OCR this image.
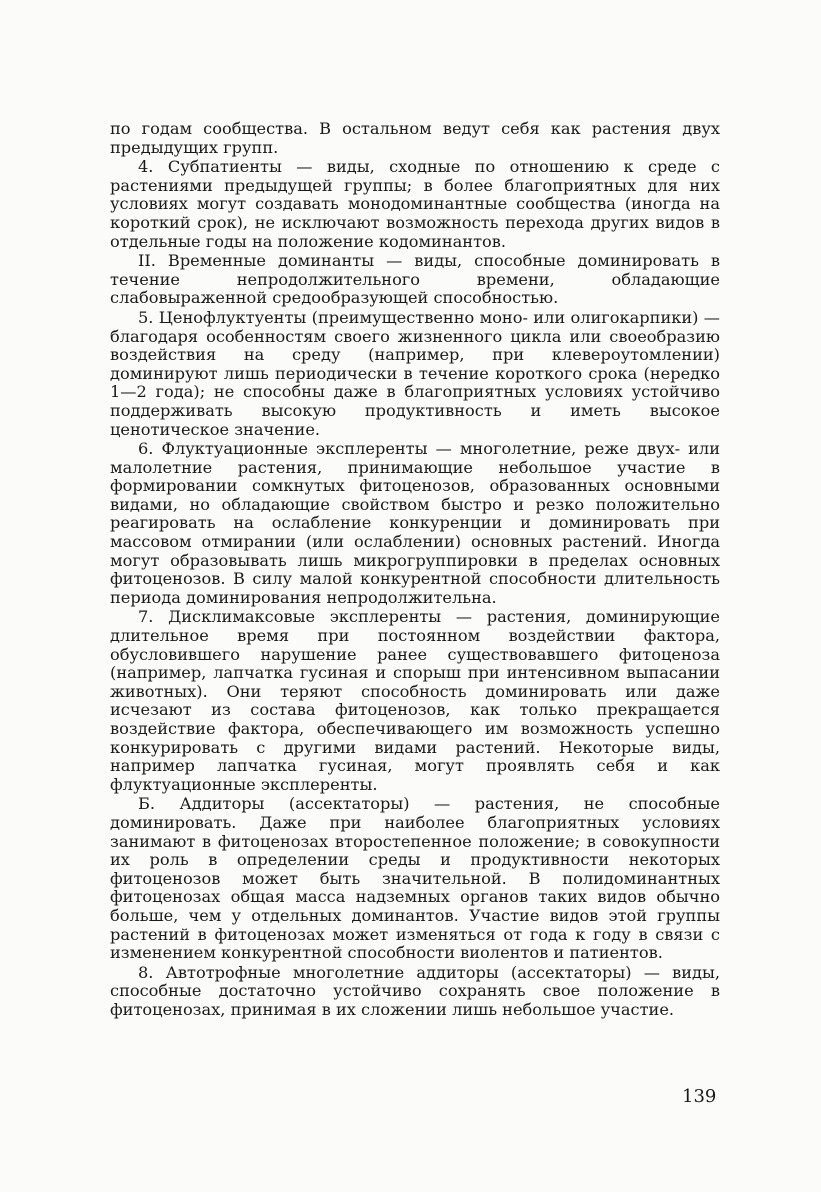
по годам сообщества. В остальном ведут себя как растения двух предыдущих групп.

4. Субпатиенты — виды, сходные по отношению к среде с растениями предыдущей группы; в более благоприятных для них условиях могут создавать монодоминантные сообщества (иногда на короткий срок), не исключают возможность перехода других видов в отдельные годы на положение кодоминантов.

II. Временные доминанты — виды, способные доминировать в течение непродолжительного времени, обладающие слабовыраженной средообразующей способностью.

5. Ценофлуктуенты (преимущественно моно- или олигокарпики) — благодаря особенностям своего жизненного цикла или своеобразию воздействия на среду (например, при клевероутомлении) доминируют лишь периодически в течение короткого срока (нередко 1—2 года); не способны даже в благоприятных условиях устойчиво поддерживать высокую продуктивность и иметь высокое ценотическое значение.

6. Флуктуационные эксплеренты — многолетние, реже двух- или малолетние растения, принимающие небольшое участие в формировании сомкнутых фитоценозов, образованных основными видами, но обладающие свойством быстро и резко положительно реагировать на ослабление конкуренции и доминировать при массовом отмирании (или ослаблении) основных растений. Иногда могут образовывать лишь микрогруппировки в пределах основных фитоценозов. В силу малой конкурентной способности длительность периода доминирования непродолжительна.

7. Дисклимаксовые эксплеренты — растения, доминирующие длительное время при постоянном воздействии фактора, обусловившего нарушение ранее существовавшего фитоценоза (например, лапчатка гусиная и спорыш при интенсивном выпасании животных). Они теряют способность доминировать или даже исчезают из состава фитоценозов, как только прекращается воздействие фактора, обеспечивающего им возможность успешно конкурировать с другими видами растений. Некоторые виды, например лапчатка гусиная, могут проявлять себя и как флуктуационные эксплеренты.

Б. Аддиторы (ассектаторы) — растения, не способные доминировать. Даже при наиболее благоприятных условиях занимают в фитоценозах второстепенное положение; в совокупности их роль в определении среды и продуктивности некоторых фитоценозов может быть значительной. В полидоминантных фитоценозах общая масса надземных органов таких видов обычно больше, чем у отдельных доминантов. Участие видов этой группы растений в фитоценозах может изменяться от года к году в связи с изменением конкурентной способности виолентов и патиентов.

8. Автотрофные многолетние аддиторы (ассектаторы) — виды, способные достаточно устойчиво сохранять свое положение в фитоценозах, принимая в их сложении лишь небольшое участие.

139
